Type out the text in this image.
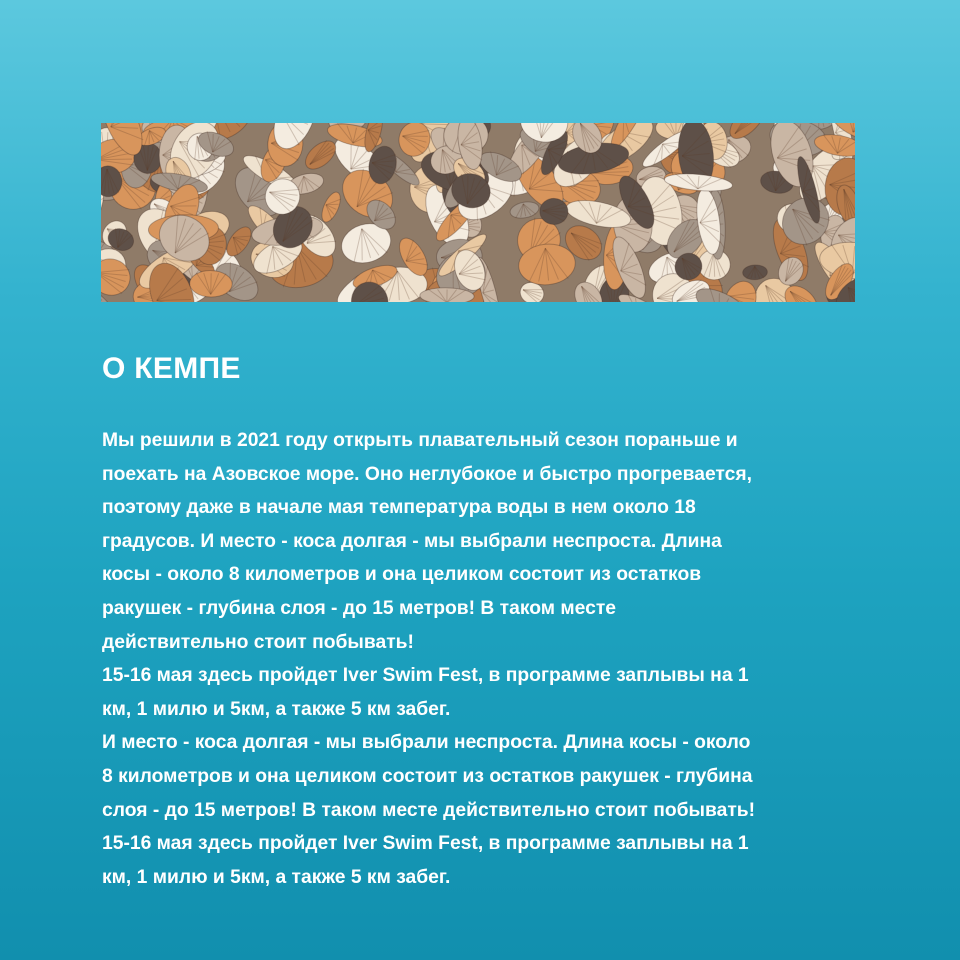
О КЕМПЕ
Мы решили в 2021 году открыть плавательный сезон пораньше и
поехать на Азовское море. Оно неглубокое и быстро прогревается,
поэтому даже в начале мая температура воды в нем около 18
градусов. И место - коса долгая - мы выбрали неспроста. Длина
косы - около 8 километров и она целиком состоит из остатков
ракушек - глубина слоя - до 15 метров! В таком месте
действительно стоит побывать!
15-16 мая здесь пройдет Iver Swim Fest, в программе заплывы на 1
км, 1 милю и 5км, а также 5 км забег.
И место - коса долгая - мы выбрали неспроста. Длина косы - около
8 километров и она целиком состоит из остатков ракушек - глубина
слоя - до 15 метров! В таком месте действительно стоит побывать!
15-16 мая здесь пройдет Iver Swim Fest, в программе заплывы на 1
км, 1 милю и 5км, а также 5 км забег.
